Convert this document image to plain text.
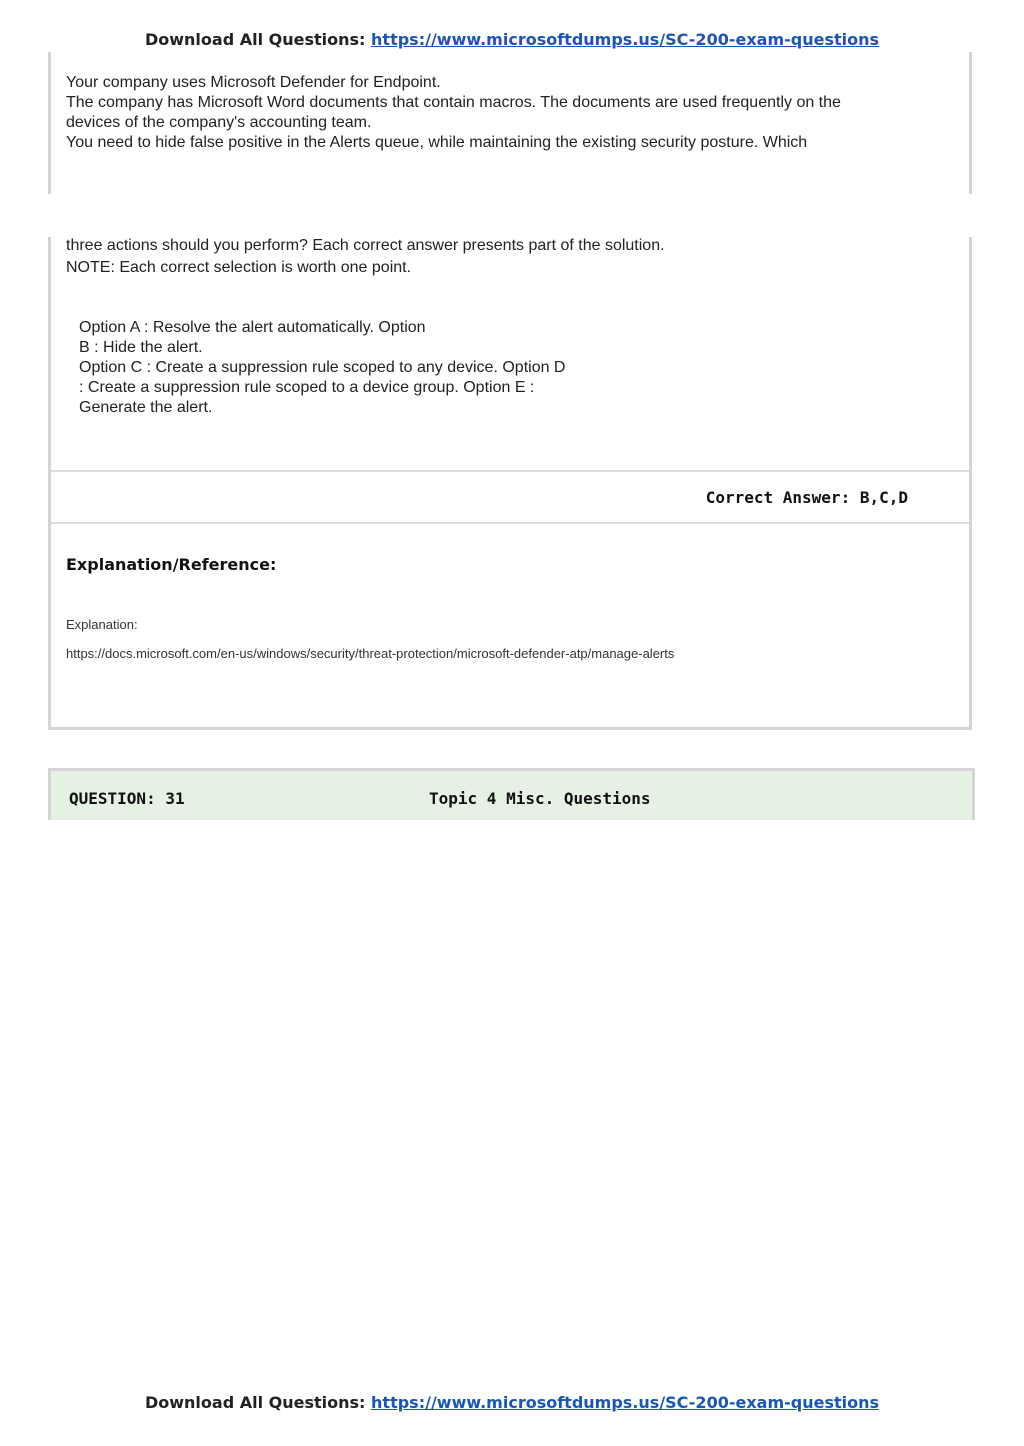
Download All Questions: https://www.microsoftdumps.us/SC-200-exam-questions
Your company uses Microsoft Defender for Endpoint.
The company has Microsoft Word documents that contain macros. The documents are used frequently on the
devices of the company's accounting team.
You need to hide false positive in the Alerts queue, while maintaining the existing security posture. Which
three actions should you perform? Each correct answer presents part of the solution.
NOTE: Each correct selection is worth one point.
Option A : Resolve the alert automatically. Option
B : Hide the alert.
Option C : Create a suppression rule scoped to any device. Option D
: Create a suppression rule scoped to a device group. Option E :
Generate the alert.
Correct Answer: B,C,D
Explanation/Reference:
Explanation:
https://docs.microsoft.com/en-us/windows/security/threat-protection/microsoft-defender-atp/manage-alerts
QUESTION: 31	Topic 4 Misc. Questions
Download All Questions: https://www.microsoftdumps.us/SC-200-exam-questions
